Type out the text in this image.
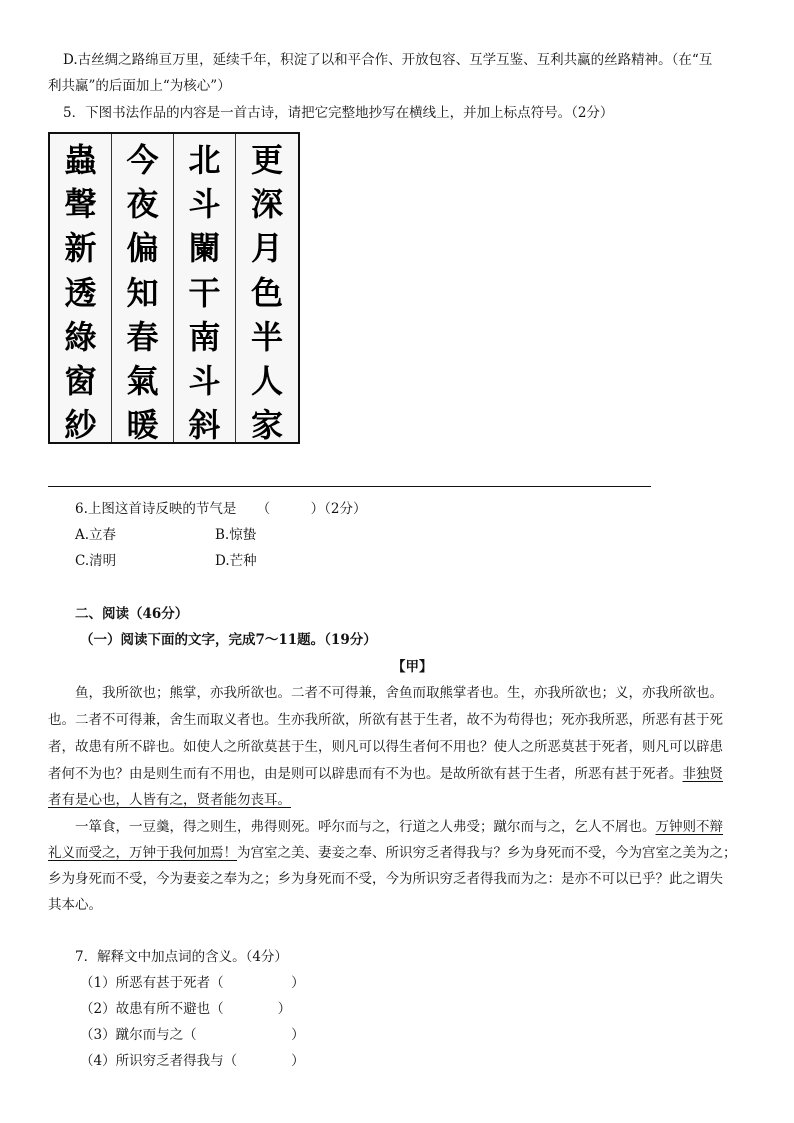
D.古丝绸之路绵亘万里，延续千年，积淀了以和平合作、开放包容、互学互鉴、互利共赢的丝路精神。（在“互
利共赢”的后面加上“为核心”）
5．下图书法作品的内容是一首古诗，请把它完整地抄写在横线上，并加上标点符号。（2分）
蟲
聲
新
透
綠
窗
紗
今
夜
偏
知
春
氣
暖
北
斗
闌
干
南
斗
斜
更
深
月
色
半
人
家
6.上图这首诗反映的节气是　　（　　　）（2分）
A.立春	B.惊蛰
C.清明	D.芒种
二、阅读（46分）
（一）阅读下面的文字，完成7～11题。（19分）
【甲】
鱼，我所欲也；熊掌，亦我所欲也。二者不可得兼，舍鱼而取熊掌者也。生，亦我所欲也；义，亦我所欲也。
也。二者不可得兼，舍生而取义者也。生亦我所欲，所欲有甚于生者，故不为苟得也；死亦我所恶，所恶有甚于死
者，故患有所不辟也。如使人之所欲莫甚于生，则凡可以得生者何不用也？使人之所恶莫甚于死者，则凡可以辟患
者何不为也？由是则生而有不用也，由是则可以辟患而有不为也。是故所欲有甚于生者，所恶有甚于死者。非独贤
者有是心也，人皆有之，贤者能勿丧耳。
一箪食，一豆羹，得之则生，弗得则死。呼尔而与之，行道之人弗受；蹴尔而与之，乞人不屑也。万钟则不辩
礼义而受之，万钟于我何加焉！为宫室之美、妻妾之奉、所识穷乏者得我与？乡为身死而不受，今为宫室之美为之；
乡为身死而不受，今为妻妾之奉为之；乡为身死而不受，今为所识穷乏者得我而为之：是亦不可以已乎？此之谓失
其本心。
7．解释文中加点词的含义。（4分）
（1）所恶有甚于死者（　　　　　）
（2）故患有所不避也（　　　　）
（3）蹴尔而与之（　　　　　　　）
（4）所识穷乏者得我与（　　　　）
